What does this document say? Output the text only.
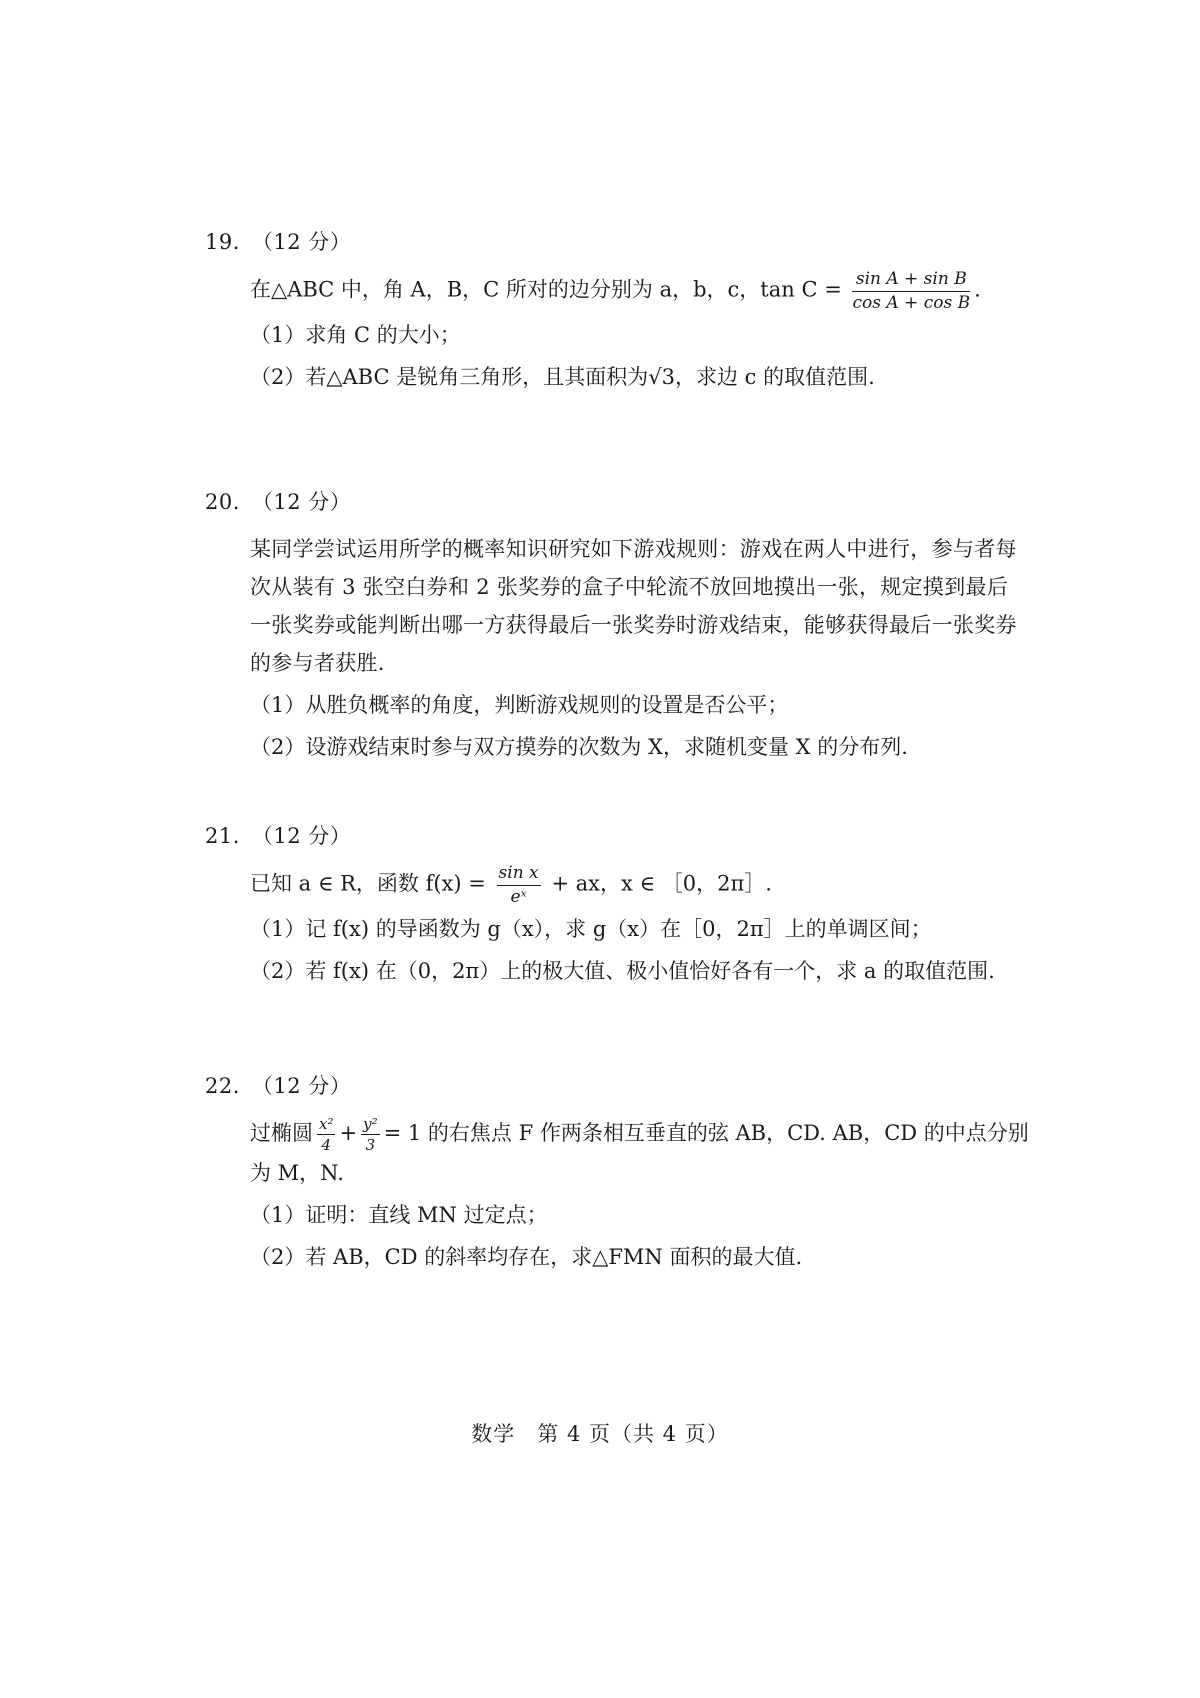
19. （12 分）
在△ABC 中，角 A，B，C 所对的边分别为 a，b，c，$\tan C = \frac{\text{sin A + sin B}}{\text{cos A + cos B}}$ .
（1）求角 C 的大小；
（2）若△ABC 是锐角三角形，且其面积为√3，求边 c 的取值范围.
20. （12 分）
某同学尝试运用所学的概率知识研究如下游戏规则：游戏在两人中进行，参与者每次从装有 3 张空白券和 2 张奖券的盒子中轮流不放回地摸出一张，规定摸到最后一张奖券或能判断出哪一方获得最后一张奖券时游戏结束，能够获得最后一张奖券的参与者获胜.
（1）从胜负概率的角度，判断游戏规则的设置是否公平；
（2）设游戏结束时参与双方摸券的次数为 X，求随机变量 X 的分布列.
21. （12 分）
已知 a ∈ R，函数 $f(x) = \frac{\text{sin x}}{\text{eˣ}}$ + ax，x ∈ ［0，2π］.
（1）记 f(x) 的导函数为 g（x），求 g（x）在［0，2π］上的单调区间；
（2）若 f(x) 在（0，2π）上的极大值、极小值恰好各有一个，求 a 的取值范围.
22. （12 分）
过椭圆 $\frac{\text{x²}}{4} + \frac{\text{y²}}{3} = 1$ 的右焦点 F 作两条相互垂直的弦 AB，CD. AB，CD 的中点分别
为 M，N.
（1）证明：直线 MN 过定点；
（2）若 AB，CD 的斜率均存在，求△FMN 面积的最大值.
数学　第 4 页（共 4 页）
